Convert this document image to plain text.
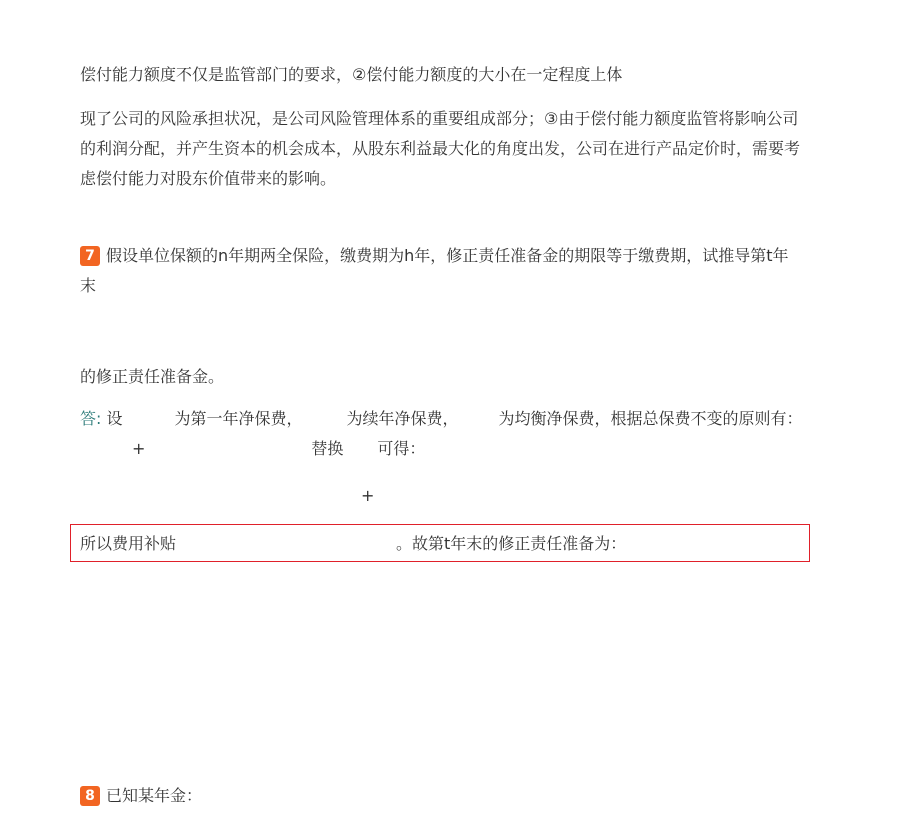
偿付能力额度不仅是监管部门的要求，②偿付能力额度的大小在一定程度上体
现了公司的风险承担状况，是公司风险管理体系的重要组成部分；③由于偿付能力额度监管将影响公司的利润分配，并产生资本的机会成本，从股东利益最大化的角度出发，公司在进行产品定价时，需要考虑偿付能力对股东价值带来的影响。
7 假设单位保额的n年期两全保险，缴费期为h年，修正责任准备金的期限等于缴费期，试推导第t年末
的修正责任准备金。
答: 设	为第一年净保费，	为续年净保费，	为均衡净保费，根据总保费不变的原则有：+	替换 可得：
+
所以费用补贴	。故第t年末的修正责任准备为：
8 已知某年金：
